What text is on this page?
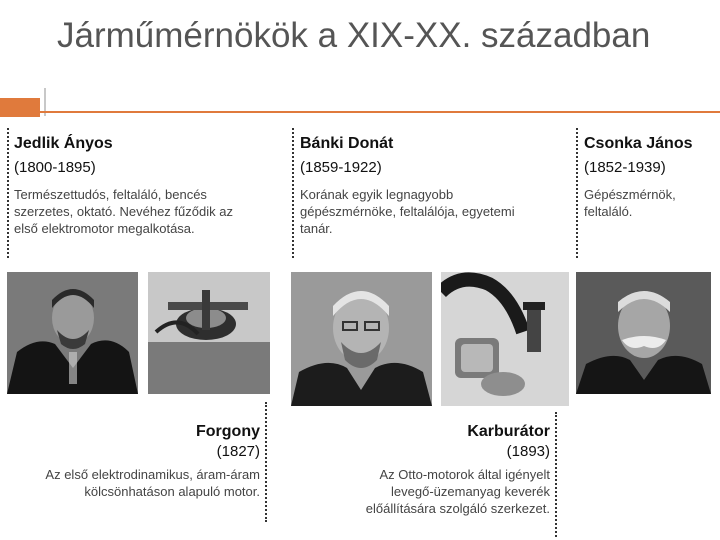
Járműmérnökök a XIX-XX. században
Jedlik Ányos
(1800-1895)
Természettudós, feltaláló, bencés szerzetes, oktató. Nevéhez fűződik az első elektromotor megalkotása.
Bánki Donát
(1859-1922)
Korának egyik legnagyobb gépészmérnöke, feltalálója, egyetemi tanár.
Csonka János
(1852-1939)
Gépészmérnök, feltaláló.
Forgony
(1827)
Az első elektrodinamikus, áram-áram kölcsönhatáson alapuló motor.
Karburátor
(1893)
Az Otto-motorok által igényelt levegő-üzemanyag keverék előállítására szolgáló szerkezet.
